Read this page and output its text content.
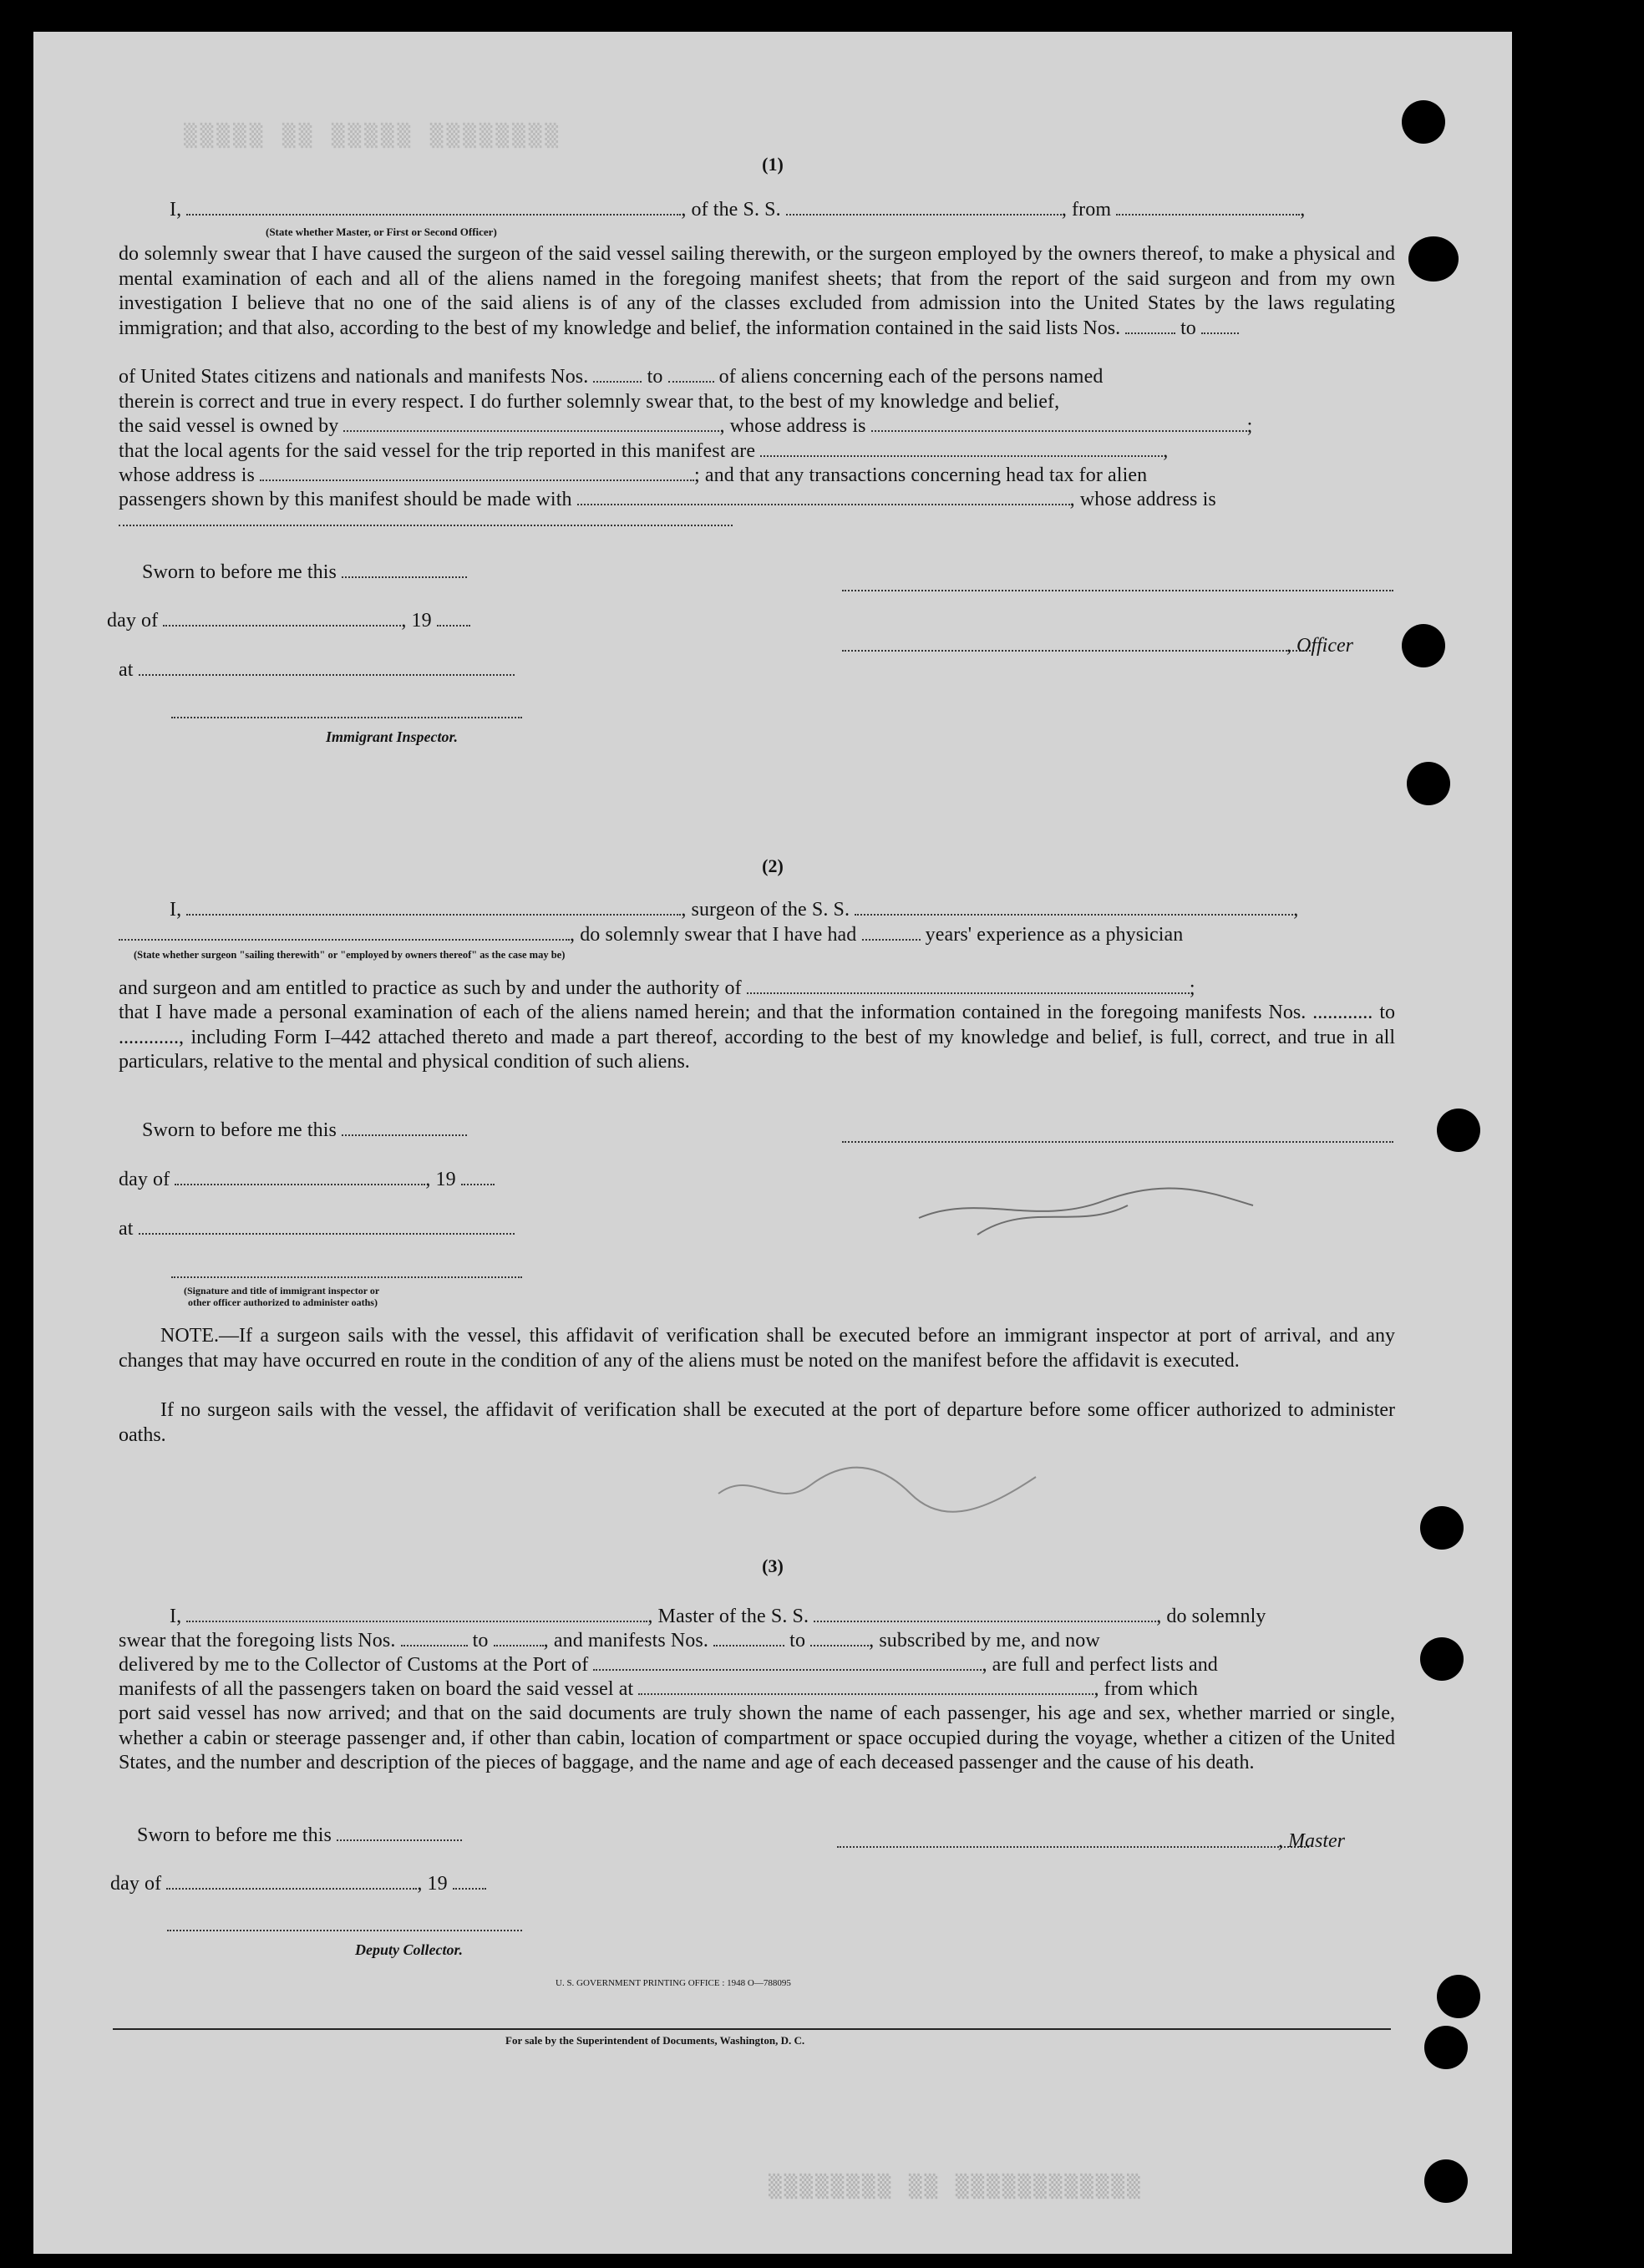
▒▒▒▒▒ ▒▒ ▒▒▒▒▒ ▒▒▒▒▒▒▒▒
(1)
I,	, of the S. S.	, from	,
(State whether Master, or First or Second Officer)
do solemnly swear that I have caused the surgeon of the said vessel sailing therewith, or the surgeon employed by the owners thereof, to make a physical and mental examination of each and all of the aliens named in the foregoing manifest sheets; that from the report of the said surgeon and from my own investigation I believe that no one of the said aliens is of any of the classes excluded from admission into the United States by the laws regulating immigration; and that also, according to the best of my knowledge and belief, the information contained in the said lists Nos.	to
of United States citizens and nationals and manifests Nos.	to	of aliens concerning each of the persons named
therein is correct and true in every respect. I do further solemnly swear that, to the best of my knowledge and belief,
the said vessel is owned by	, whose address is	;
that the local agents for the said vessel for the trip reported in this manifest are	,
whose address is	; and that any transactions concerning head tax for alien
passengers shown by this manifest should be made with	, whose address is
Sworn to before me this
day of	, 19
at
Immigrant Inspector.
, Officer
(2)
I,	, surgeon of the S. S.	,
, do solemnly swear that I have had	years' experience as a physician
(State whether surgeon "sailing therewith" or "employed by owners thereof" as the case may be)
and surgeon and am entitled to practice as such by and under the authority of	;
that I have made a personal examination of each of the aliens named herein; and that the information contained in the foregoing manifests Nos. ............ to ............, including Form I–442 attached thereto and made a part thereof, according to the best of my knowledge and belief, is full, correct, and true in all particulars, relative to the mental and physical condition of such aliens.
Sworn to before me this
day of	, 19
at
(Signature and title of immigrant inspector or
other officer authorized to administer oaths)
NOTE.—If a surgeon sails with the vessel, this affidavit of verification shall be executed before an immigrant inspector at port of arrival, and any changes that may have occurred en route in the condition of any of the aliens must be noted on the manifest before the affidavit is executed.
If no surgeon sails with the vessel, the affidavit of verification shall be executed at the port of departure before some officer authorized to administer oaths.
(3)
I,	, Master of the S. S.	, do solemnly
swear that the foregoing lists Nos.	to	, and manifests Nos.	to	, subscribed by me, and now
delivered by me to the Collector of Customs at the Port of	, are full and perfect lists and
manifests of all the passengers taken on board the said vessel at	, from which
port said vessel has now arrived; and that on the said documents are truly shown the name of each passenger, his age and sex, whether married or single, whether a cabin or steerage passenger and, if other than cabin, location of compartment or space occupied during the voyage, whether a citizen of the United States, and the number and description of the pieces of baggage, and the name and age of each deceased passenger and the cause of his death.
Sworn to before me this
day of	, 19
Deputy Collector.
, Master
U. S. GOVERNMENT PRINTING OFFICE : 1948 O—788095
For sale by the Superintendent of Documents, Washington, D. C.
▒▒▒▒▒▒▒▒ ▒▒ ▒▒▒▒▒▒▒▒▒▒▒▒
